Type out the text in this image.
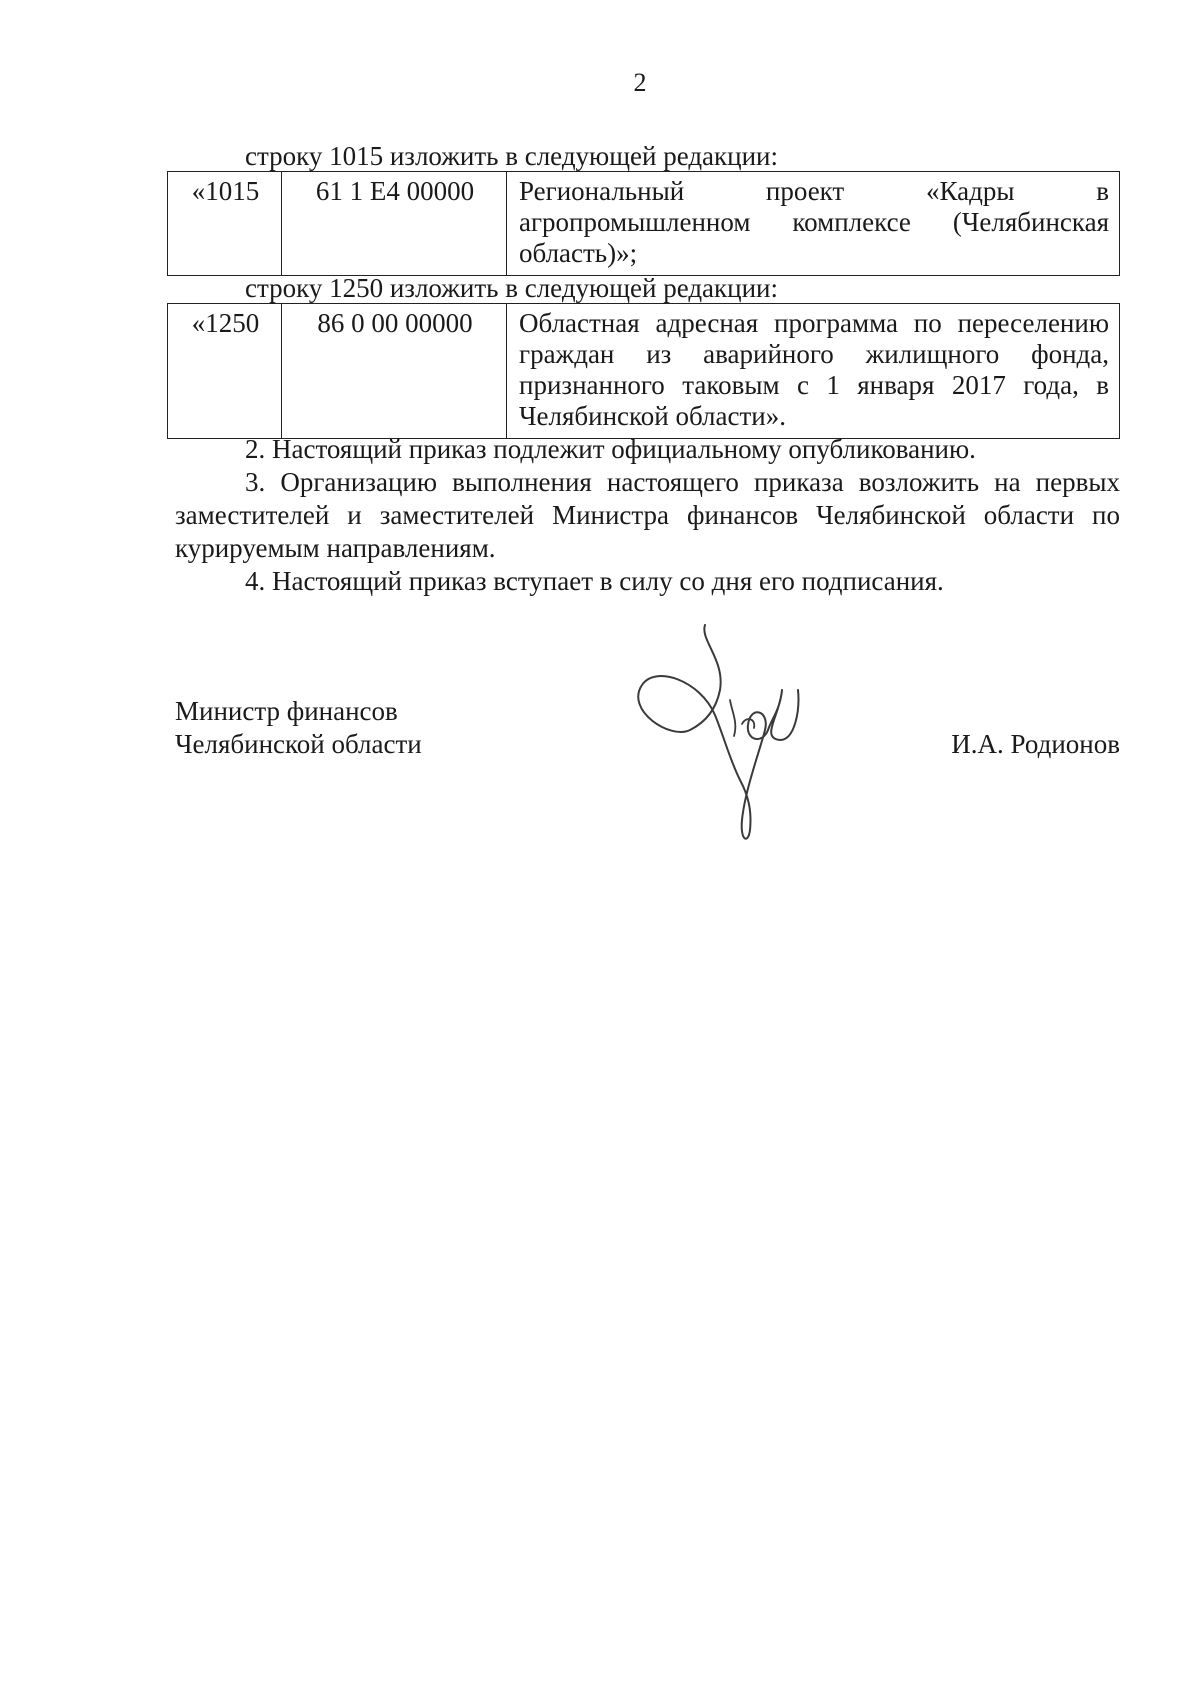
2
строку 1015 изложить в следующей редакции:
«1015	61 1 E4 00000	Региональный проект «Кадры в агропромышленном комплексе (Челябинская область)»;
строку 1250 изложить в следующей редакции:
«1250	86 0 00 00000	Областная адресная программа по переселению граждан из аварийного жилищного фонда, признанного таковым с 1 января 2017 года, в Челябинской области».
2. Настоящий приказ подлежит официальному опубликованию.
3. Организацию выполнения настоящего приказа возложить на первых заместителей и заместителей Министра финансов Челябинской области по курируемым направлениям.
4. Настоящий приказ вступает в силу со дня его подписания.
Министр финансов
Челябинской области	И.А. Родионов
